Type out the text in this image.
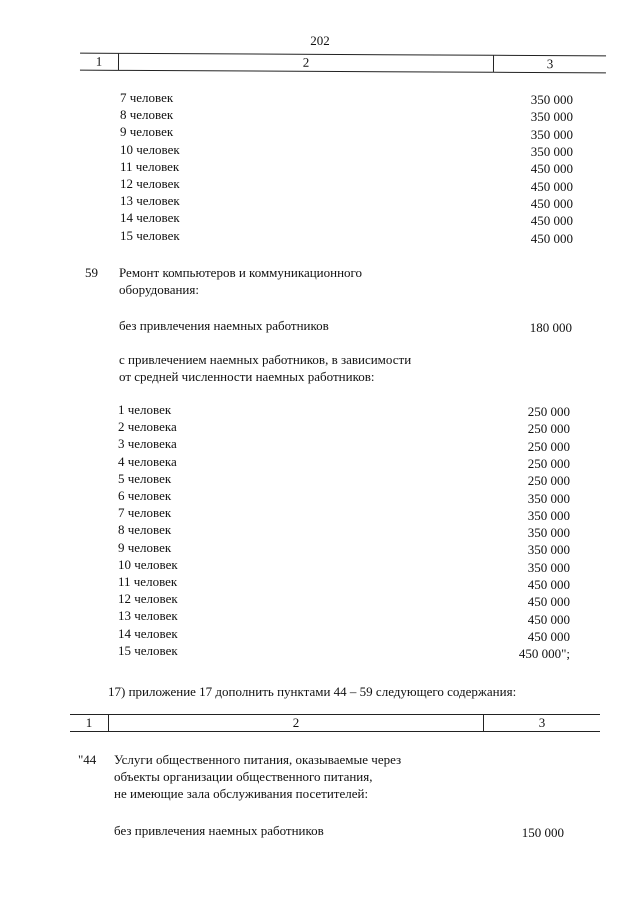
202
1	2	3
7 человек	350 000
8 человек	350 000
9 человек	350 000
10 человек	350 000
11 человек	450 000
12 человек	450 000
13 человек	450 000
14 человек	450 000
15 человек	450 000
59 Ремонт компьютеров и коммуникационного
оборудования:
без привлечения наемных работников	180 000
с привлечением наемных работников, в зависимости
от средней численности наемных работников:
1 человек	250 000
2 человека	250 000
3 человека	250 000
4 человека	250 000
5 человек	250 000
6 человек	350 000
7 человек	350 000
8 человек	350 000
9 человек	350 000
10 человек	350 000
11 человек	450 000
12 человек	450 000
13 человек	450 000
14 человек	450 000
15 человек	450 000";
17) приложение 17 дополнить пунктами 44 – 59 следующего содержания:
1	2	3
"44 Услуги общественного питания, оказываемые через
объекты организации общественного питания,
не имеющие зала обслуживания посетителей:
без привлечения наемных работников	150 000
